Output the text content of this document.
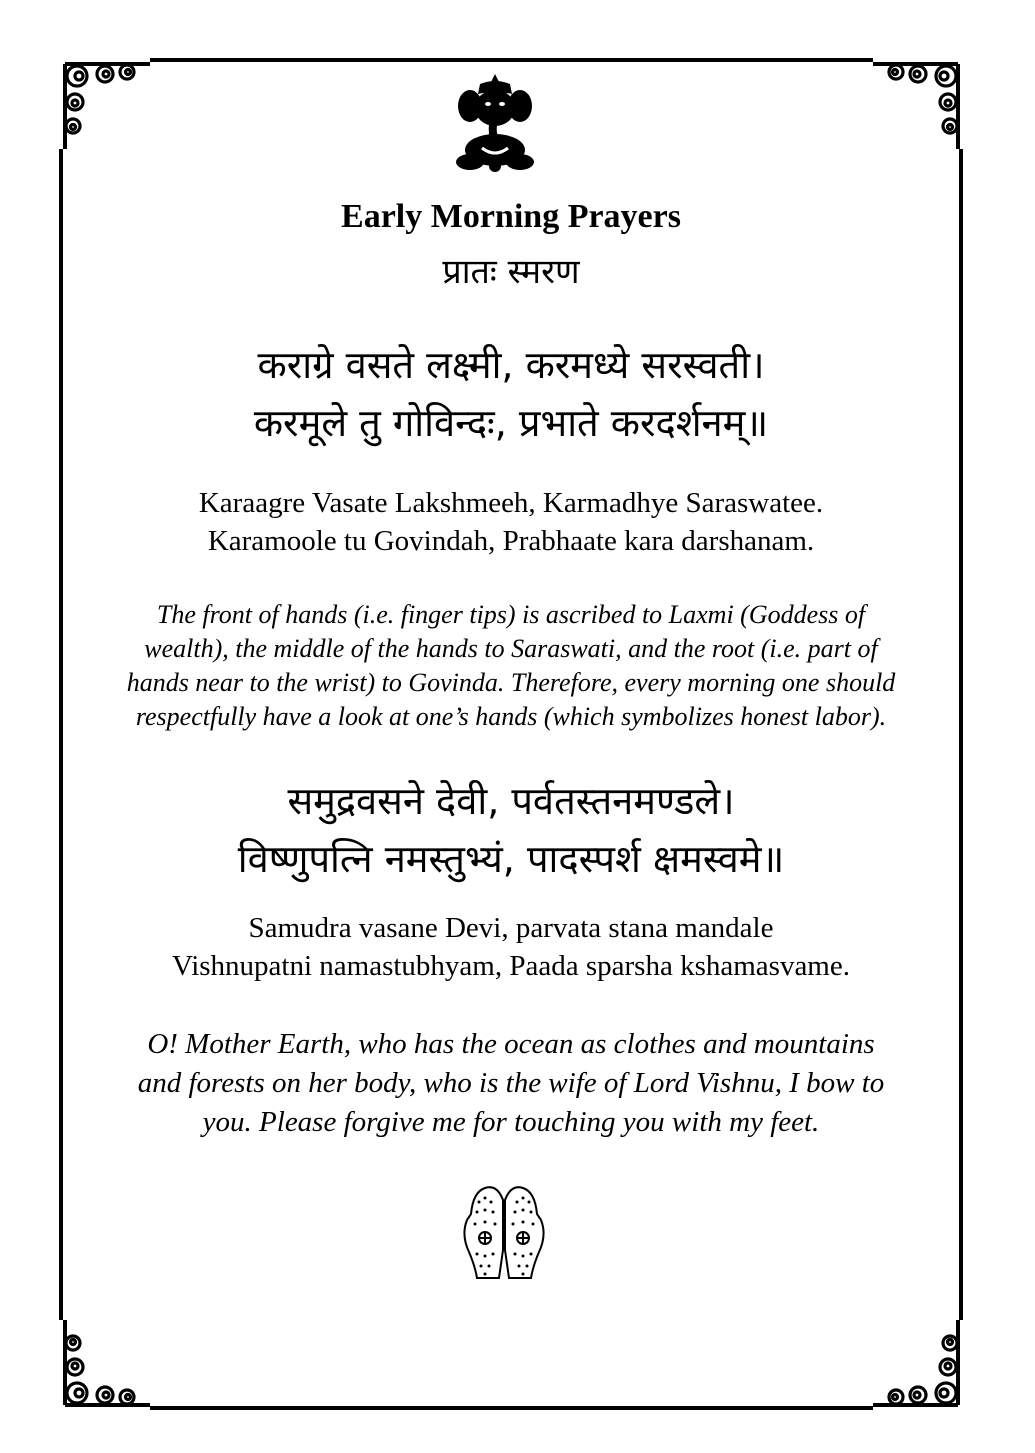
Early Morning Prayers
प्रातः स्मरण
कराग्रे वसते लक्ष्मी, करमध्ये सरस्वती।
करमूले तु गोविन्दः, प्रभाते करदर्शनम्॥
Karaagre Vasate Lakshmeeh, Karmadhye Saraswatee.
Karamoole tu Govindah, Prabhaate kara darshanam.
The front of hands (i.e. finger tips) is ascribed to Laxmi (Goddess of
wealth), the middle of the hands to Saraswati, and the root (i.e. part of
hands near to the wrist) to Govinda. Therefore, every morning one should
respectfully have a look at one’s hands (which symbolizes honest labor).
समुद्रवसने देवी, पर्वतस्तनमण्डले।
विष्णुपत्नि नमस्तुभ्यं, पादस्पर्श क्षमस्वमे॥
Samudra vasane Devi, parvata stana mandale
Vishnupatni namastubhyam, Paada sparsha kshamasvame.
O! Mother Earth, who has the ocean as clothes and mountains
and forests on her body, who is the wife of Lord Vishnu, I bow to
you. Please forgive me for touching you with my feet.
